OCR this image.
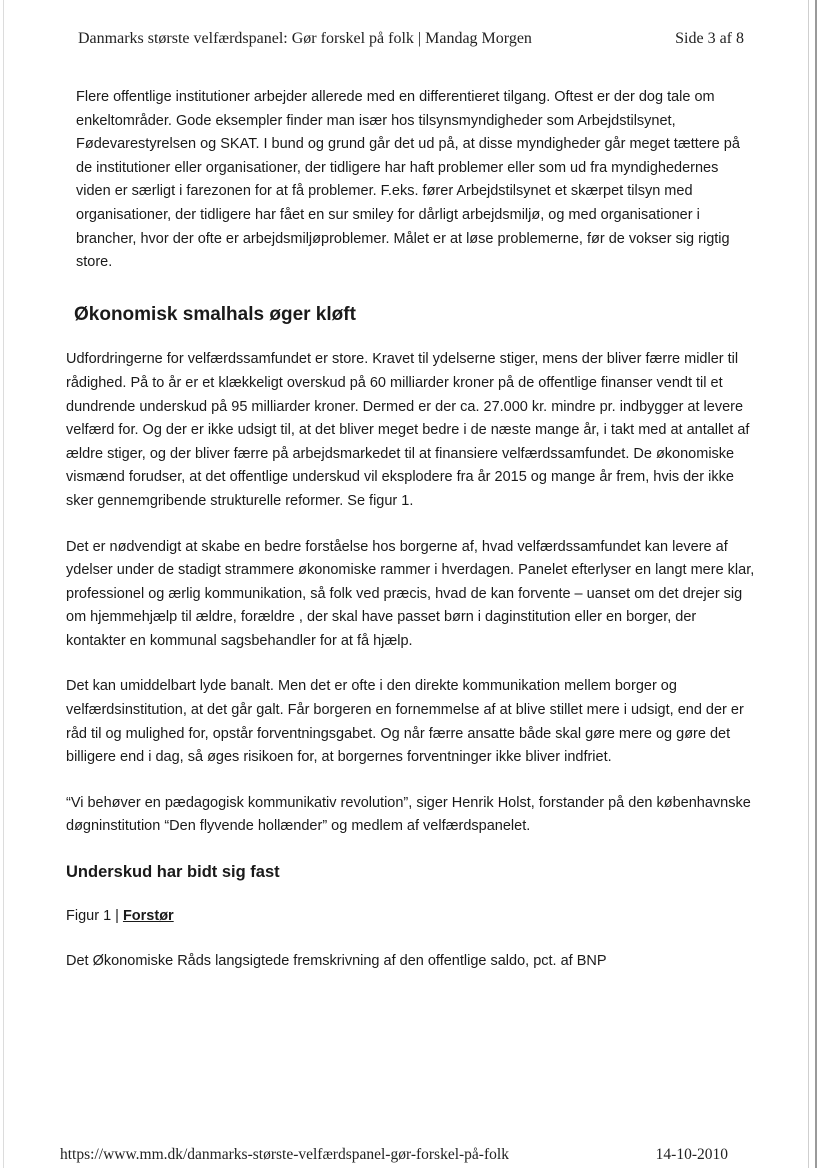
Danmarks største velfærdspanel: Gør forskel på folk | Mandag Morgen	Side 3 af 8

Flere offentlige institutioner arbejder allerede med en differentieret tilgang. Oftest er der dog tale om enkeltområder. Gode eksempler finder man især hos tilsynsmyndigheder som Arbejdstilsynet, Fødevarestyrelsen og SKAT. I bund og grund går det ud på, at disse myndigheder går meget tættere på de institutioner eller organisationer, der tidligere har haft problemer eller som ud fra myndighedernes viden er særligt i farezonen for at få problemer. F.eks. fører Arbejdstilsynet et skærpet tilsyn med organisationer, der tidligere har fået en sur smiley for dårligt arbejdsmiljø, og med organisationer i brancher, hvor der ofte er arbejdsmiljøproblemer. Målet er at løse problemerne, før de vokser sig rigtig store.

Økonomisk smalhals øger kløft

Udfordringerne for velfærdssamfundet er store. Kravet til ydelserne stiger, mens der bliver færre midler til rådighed. På to år er et klækkeligt overskud på 60 milliarder kroner på de offentlige finanser vendt til et dundrende underskud på 95 milliarder kroner. Dermed er der ca. 27.000 kr. mindre pr. indbygger at levere velfærd for. Og der er ikke udsigt til, at det bliver meget bedre i de næste mange år, i takt med at antallet af ældre stiger, og der bliver færre på arbejdsmarkedet til at finansiere velfærdssamfundet. De økonomiske vismænd forudser, at det offentlige underskud vil eksplodere fra år 2015 og mange år frem, hvis der ikke sker gennemgribende strukturelle reformer. Se figur 1.

Det er nødvendigt at skabe en bedre forståelse hos borgerne af, hvad velfærdssamfundet kan levere af ydelser under de stadigt strammere økonomiske rammer i hverdagen. Panelet efterlyser en langt mere klar, professionel og ærlig kommunikation, så folk ved præcis, hvad de kan forvente – uanset om det drejer sig om hjemmehjælp til ældre, forældre , der skal have passet børn i daginstitution eller en borger, der kontakter en kommunal sagsbehandler for at få hjælp.

Det kan umiddelbart lyde banalt. Men det er ofte i den direkte kommunikation mellem borger og velfærdsinstitution, at det går galt. Får borgeren en fornemmelse af at blive stillet mere i udsigt, end der er råd til og mulighed for, opstår forventningsgabet. Og når færre ansatte både skal gøre mere og gøre det billigere end i dag, så øges risikoen for, at borgernes forventninger ikke bliver indfriet.

“Vi behøver en pædagogisk kommunikativ revolution”, siger Henrik Holst, forstander på den københavnske døgninstitution “Den flyvende hollænder” og medlem af velfærdspanelet.

Underskud har bidt sig fast

Figur 1 | Forstør

Det Økonomiske Råds langsigtede fremskrivning af den offentlige saldo, pct. af BNP

https://www.mm.dk/danmarks-største-velfærdspanel-gør-forskel-på-folk	14-10-2010
